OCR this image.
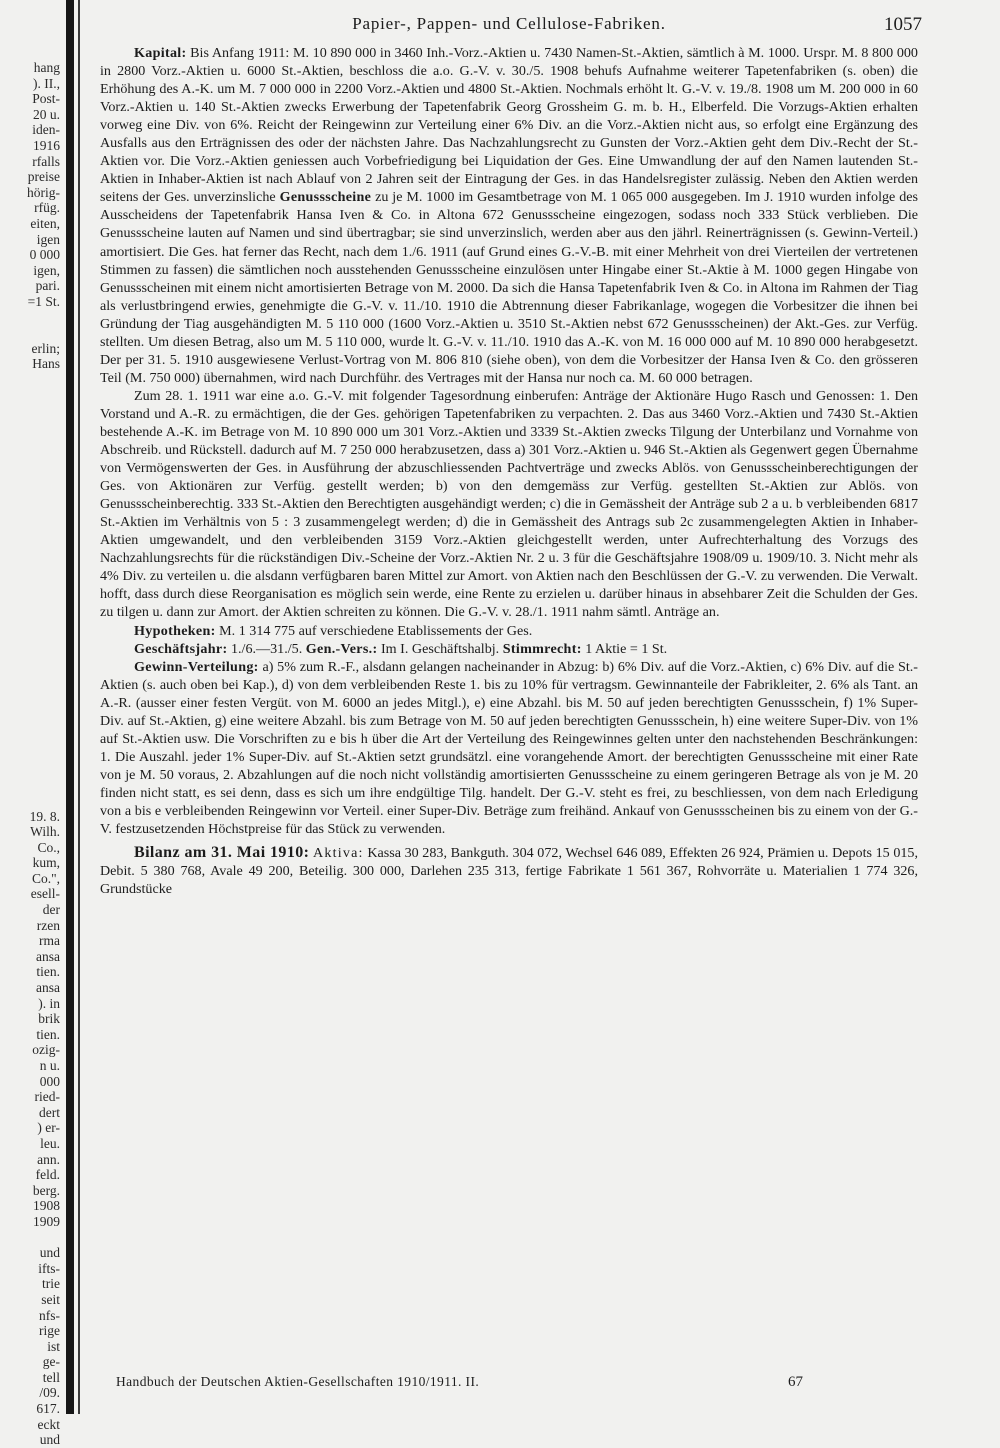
hang
). II.,
Post-
20 u.
iden-
1916
rfalls
preise
hörig-
rfüg.
eiten,
igen
0 000
igen,
pari.
=1 St.

erlin;
Hans

19. 8.
Wilh.
Co.,
kum,
Co.",
esell-
der
rzen
rma
ansa
tien.
ansa
). in
brik
tien.
ozig-
n u.
000
ried-
dert
) er-
leu.
ann.
feld.
berg.
1908
1909

und
ifts-
trie
seit
nfs-
rige
ist
ge-
tell
/09.
617.
eckt
und
Papier-, Pappen- und Cellulose-Fabriken.	1057

Kapital: Bis Anfang 1911: M. 10 890 000 in 3460 Inh.-Vorz.-Aktien u. 7430 Namen-St.-Aktien, sämtlich à M. 1000. Urspr. M. 8 800 000 in 2800 Vorz.-Aktien u. 6000 St.-Aktien, beschloss die a.o. G.-V. v. 30./5. 1908 behufs Aufnahme weiterer Tapetenfabriken (s. oben) die Erhöhung des A.-K. um M. 7 000 000 in 2200 Vorz.-Aktien und 4800 St.-Aktien. Nochmals erhöht lt. G.-V. v. 19./8. 1908 um M. 200 000 in 60 Vorz.-Aktien u. 140 St.-Aktien zwecks Erwerbung der Tapetenfabrik Georg Grossheim G. m. b. H., Elberfeld. Die Vorzugs-Aktien erhalten vorweg eine Div. von 6%. Reicht der Reingewinn zur Verteilung einer 6% Div. an die Vorz.-Aktien nicht aus, so erfolgt eine Ergänzung des Ausfalls aus den Erträgnissen des oder der nächsten Jahre. Das Nachzahlungsrecht zu Gunsten der Vorz.-Aktien geht dem Div.-Recht der St.-Aktien vor. Die Vorz.-Aktien geniessen auch Vorbefriedigung bei Liquidation der Ges. Eine Umwandlung der auf den Namen lautenden St.-Aktien in Inhaber-Aktien ist nach Ablauf von 2 Jahren seit der Eintragung der Ges. in das Handelsregister zulässig. Neben den Aktien werden seitens der Ges. unverzinsliche Genussscheine zu je M. 1000 im Gesamtbetrage von M. 1 065 000 ausgegeben. Im J. 1910 wurden infolge des Ausscheidens der Tapetenfabrik Hansa Iven & Co. in Altona 672 Genussscheine eingezogen, sodass noch 333 Stück verblieben. Die Genussscheine lauten auf Namen und sind übertragbar; sie sind unverzinslich, werden aber aus den jährl. Reinerträgnissen (s. Gewinn-Verteil.) amortisiert. Die Ges. hat ferner das Recht, nach dem 1./6. 1911 (auf Grund eines G.-V.-B. mit einer Mehrheit von drei Vierteilen der vertretenen Stimmen zu fassen) die sämtlichen noch ausstehenden Genussscheine einzulösen unter Hingabe einer St.-Aktie à M. 1000 gegen Hingabe von Genussscheinen mit einem nicht amortisierten Betrage von M. 2000. Da sich die Hansa Tapetenfabrik Iven & Co. in Altona im Rahmen der Tiag als verlustbringend erwies, genehmigte die G.-V. v. 11./10. 1910 die Abtrennung dieser Fabrikanlage, wogegen die Vorbesitzer die ihnen bei Gründung der Tiag ausgehändigten M. 5 110 000 (1600 Vorz.-Aktien u. 3510 St.-Aktien nebst 672 Genussscheinen) der Akt.-Ges. zur Verfüg. stellten. Um diesen Betrag, also um M. 5 110 000, wurde lt. G.-V. v. 11./10. 1910 das A.-K. von M. 16 000 000 auf M. 10 890 000 herabgesetzt. Der per 31. 5. 1910 ausgewiesene Verlust-Vortrag von M. 806 810 (siehe oben), von dem die Vorbesitzer der Hansa Iven & Co. den grösseren Teil (M. 750 000) übernahmen, wird nach Durchführ. des Vertrages mit der Hansa nur noch ca. M. 60 000 betragen.

Zum 28. 1. 1911 war eine a.o. G.-V. mit folgender Tagesordnung einberufen: Anträge der Aktionäre Hugo Rasch und Genossen: 1. Den Vorstand und A.-R. zu ermächtigen, die der Ges. gehörigen Tapetenfabriken zu verpachten. 2. Das aus 3460 Vorz.-Aktien und 7430 St.-Aktien bestehende A.-K. im Betrage von M. 10 890 000 um 301 Vorz.-Aktien und 3339 St.-Aktien zwecks Tilgung der Unterbilanz und Vornahme von Abschreib. und Rückstell. dadurch auf M. 7 250 000 herabzusetzen, dass a) 301 Vorz.-Aktien u. 946 St.-Aktien als Gegenwert gegen Übernahme von Vermögenswerten der Ges. in Ausführung der abzuschliessenden Pachtverträge und zwecks Ablös. von Genussscheinberechtigungen der Ges. von Aktionären zur Verfüg. gestellt werden; b) von den demgemäss zur Verfüg. gestellten St.-Aktien zur Ablös. von Genussscheinberechtig. 333 St.-Aktien den Berechtigten ausgehändigt werden; c) die in Gemässheit der Anträge sub 2 a u. b verbleibenden 6817 St.-Aktien im Verhältnis von 5 : 3 zusammengelegt werden; d) die in Gemässheit des Antrags sub 2c zusammengelegten Aktien in Inhaber-Aktien umgewandelt, und den verbleibenden 3159 Vorz.-Aktien gleichgestellt werden, unter Aufrechterhaltung des Vorzugs des Nachzahlungsrechts für die rückständigen Div.-Scheine der Vorz.-Aktien Nr. 2 u. 3 für die Geschäftsjahre 1908/09 u. 1909/10. 3. Nicht mehr als 4% Div. zu verteilen u. die alsdann verfügbaren baren Mittel zur Amort. von Aktien nach den Beschlüssen der G.-V. zu verwenden. Die Verwalt. hofft, dass durch diese Reorganisation es möglich sein werde, eine Rente zu erzielen u. darüber hinaus in absehbarer Zeit die Schulden der Ges. zu tilgen u. dann zur Amort. der Aktien schreiten zu können. Die G.-V. v. 28./1. 1911 nahm sämtl. Anträge an.

Hypotheken: M. 1 314 775 auf verschiedene Etablissements der Ges.

Geschäftsjahr: 1./6.—31./5. Gen.-Vers.: Im I. Geschäftshalbj. Stimmrecht: 1 Aktie = 1 St.

Gewinn-Verteilung: a) 5% zum R.-F., alsdann gelangen nacheinander in Abzug: b) 6% Div. auf die Vorz.-Aktien, c) 6% Div. auf die St.-Aktien (s. auch oben bei Kap.), d) von dem verbleibenden Reste 1. bis zu 10% für vertragsm. Gewinnanteile der Fabrikleiter, 2. 6% als Tant. an A.-R. (ausser einer festen Vergüt. von M. 6000 an jedes Mitgl.), e) eine Abzahl. bis M. 50 auf jeden berechtigten Genussschein, f) 1% Super-Div. auf St.-Aktien, g) eine weitere Abzahl. bis zum Betrage von M. 50 auf jeden berechtigten Genussschein, h) eine weitere Super-Div. von 1% auf St.-Aktien usw. Die Vorschriften zu e bis h über die Art der Verteilung des Reingewinnes gelten unter den nachstehenden Beschränkungen: 1. Die Auszahl. jeder 1% Super-Div. auf St.-Aktien setzt grundsätzl. eine vorangehende Amort. der berechtigten Genussscheine mit einer Rate von je M. 50 voraus, 2. Abzahlungen auf die noch nicht vollständig amortisierten Genussscheine zu einem geringeren Betrage als von je M. 20 finden nicht statt, es sei denn, dass es sich um ihre endgültige Tilg. handelt. Der G.-V. steht es frei, zu beschliessen, von dem nach Erledigung von a bis e verbleibenden Reingewinn vor Verteil. einer Super-Div. Beträge zum freihänd. Ankauf von Genussscheinen bis zu einem von der G.-V. festzusetzenden Höchstpreise für das Stück zu verwenden.

Bilanz am 31. Mai 1910: Aktiva: Kassa 30 283, Bankguth. 304 072, Wechsel 646 089, Effekten 26 924, Prämien u. Depots 15 015, Debit. 5 380 768, Avale 49 200, Beteilig. 300 000, Darlehen 235 313, fertige Fabrikate 1 561 367, Rohvorräte u. Materialien 1 774 326, Grundstücke

Handbuch der Deutschen Aktien-Gesellschaften 1910/1911. II.	67
